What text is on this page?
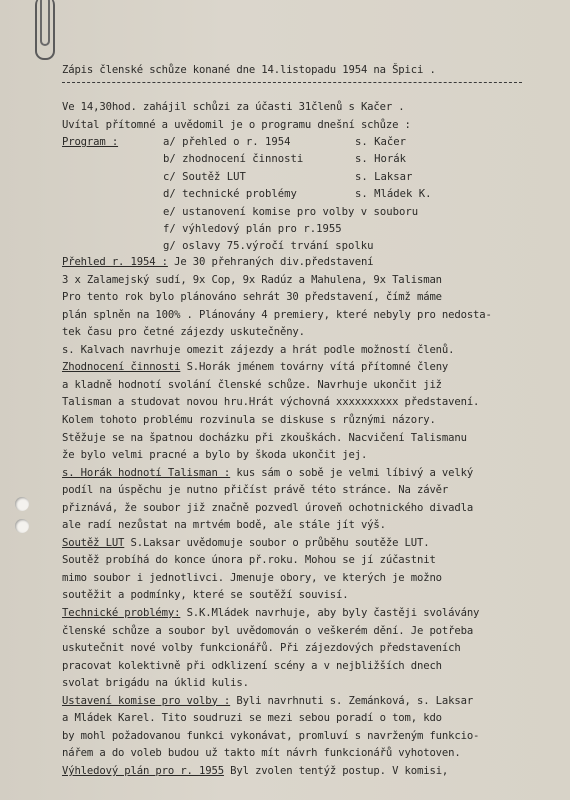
Zápis členské schůze konané dne 14.listopadu 1954 na Špici .
Ve 14,30hod. zahájil schůzi za účasti 31členů s Kačer .
Uvítal přítomné a uvědomil je o programu dnešní schůze :
Program :	a/ přehled o r. 1954	s. Kačer
b/ zhodnocení činnosti	s. Horák
c/ Soutěž LUT	s. Laksar
d/ technické problémy	s. Mládek K.
e/ ustanovení komise pro volby v souboru
f/ výhledový plán pro r.1955
g/ oslavy 75.výročí trvání spolku
Přehled r. 1954 : Je 30 přehraných div.představení
3 x Zalamejský sudí, 9x Cop, 9x Radúz a Mahulena, 9x Talisman
Pro tento rok bylo plánováno sehrát 30 představení, čímž máme
plán splněn na 100% . Plánovány 4 premiery, které nebyly pro nedosta-
tek času pro četné zájezdy uskutečněny.
s. Kalvach navrhuje omezit zájezdy a hrát podle možností členů.
Zhodnocení činnosti S.Horák jménem továrny vítá přítomné členy
a kladně hodnotí svolání členské schůze. Navrhuje ukončit již
Talisman a studovat novou hru.Hrát výchovná xxxxxxxxxx představení.
Kolem tohoto problému rozvinula se diskuse s různými názory.
Stěžuje se na špatnou docházku při zkouškách. Nacvičení Talismanu
že bylo velmi pracné a bylo by škoda ukončit jej.
s. Horák hodnotí Talisman : kus sám o sobě je velmi líbivý a velký
podíl na úspěchu je nutno přičíst právě této stránce. Na závěr
přiznává, že soubor již značně pozvedl úroveň ochotnického divadla
ale radí nezůstat na mrtvém bodě, ale stále jít výš.
Soutěž LUT S.Laksar uvědomuje soubor o průběhu soutěže LUT.
Soutěž probíhá do konce února př.roku. Mohou se jí zúčastnit
mimo soubor i jednotlivci. Jmenuje obory, ve kterých je možno
soutěžit a podmínky, které se soutěží souvisí.
Technické problémy: S.K.Mládek navrhuje, aby byly častěji svolávány
členské schůze a soubor byl uvědomován o veškerém dění. Je potřeba
uskutečnit nové volby funkcionářů. Při zájezdových představeních
pracovat kolektivně při odklizení scény a v nejbližších dnech
svolat brigádu na úklid kulis.
Ustavení komise pro volby : Byli navrhnuti s. Zemánková, s. Laksar
a Mládek Karel. Tito soudruzi se mezi sebou poradí o tom, kdo
by mohl požadovanou funkci vykonávat, promluví s navrženým funkcio-
nářem a do voleb budou už takto mít návrh funkcionářů vyhotoven.
Výhledový plán pro r. 1955 Byl zvolen tentýž postup. V komisi,
